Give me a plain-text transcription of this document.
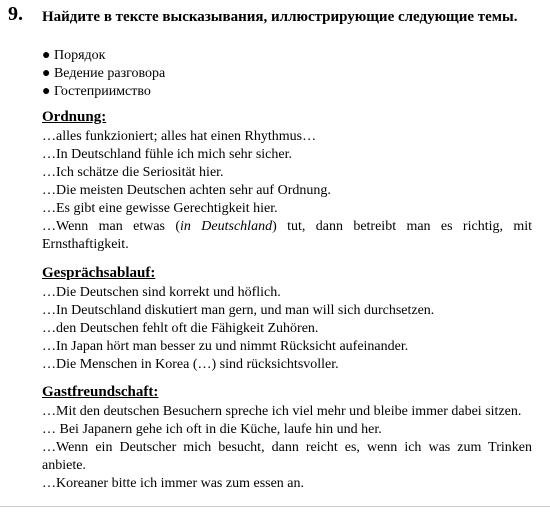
9. Найдите в тексте высказывания, иллюстрирующие следующие темы.
● Порядок
● Ведение разговора
● Гостеприимство
Ordnung:
…alles funkzioniert; alles hat einen Rhythmus…
…In Deutschland fühle ich mich sehr sicher.
…Ich schätze die Seriosität hier.
…Die meisten Deutschen achten sehr auf Ordnung.
…Es gibt eine gewisse Gerechtigkeit hier.
…Wenn man etwas (in Deutschland) tut, dann betreibt man es richtig, mit Ernsthaftigkeit.
Gesprächsablauf:
…Die Deutschen sind korrekt und höflich.
…In Deutschland diskutiert man gern, und man will sich durchsetzen.
…den Deutschen fehlt oft die Fähigkeit Zuhören.
…In Japan hört man besser zu und nimmt Rücksicht aufeinander.
…Die Menschen in Korea (…) sind rücksichtsvoller.
Gastfreundschaft:
…Mit den deutschen Besuchern spreche ich viel mehr und bleibe immer dabei sitzen.
… Bei Japanern gehe ich oft in die Küche, laufe hin und her.
…Wenn ein Deutscher mich besucht, dann reicht es, wenn ich was zum Trinken anbiete.
…Koreaner bitte ich immer was zum essen an.
